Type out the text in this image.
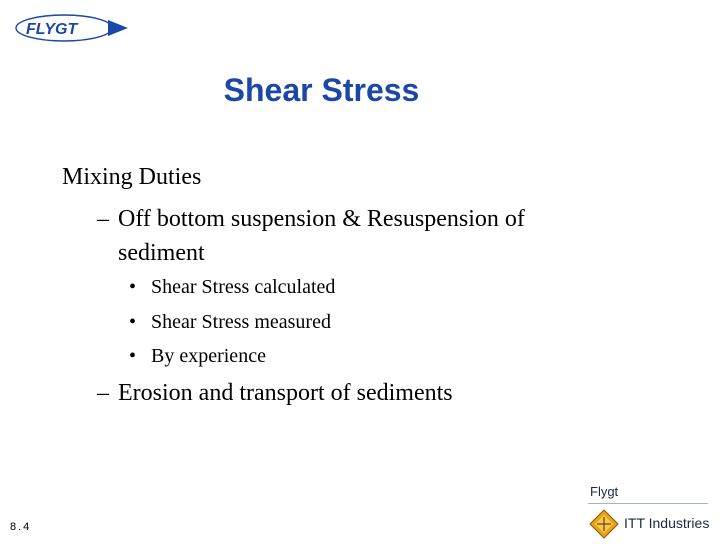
FLYGT
Shear Stress
Mixing Duties
– Off bottom suspension & Resuspension of sediment
• Shear Stress calculated
• Shear Stress measured
• By experience
– Erosion and transport of sediments
8.4
Flygt
ITT Industries
